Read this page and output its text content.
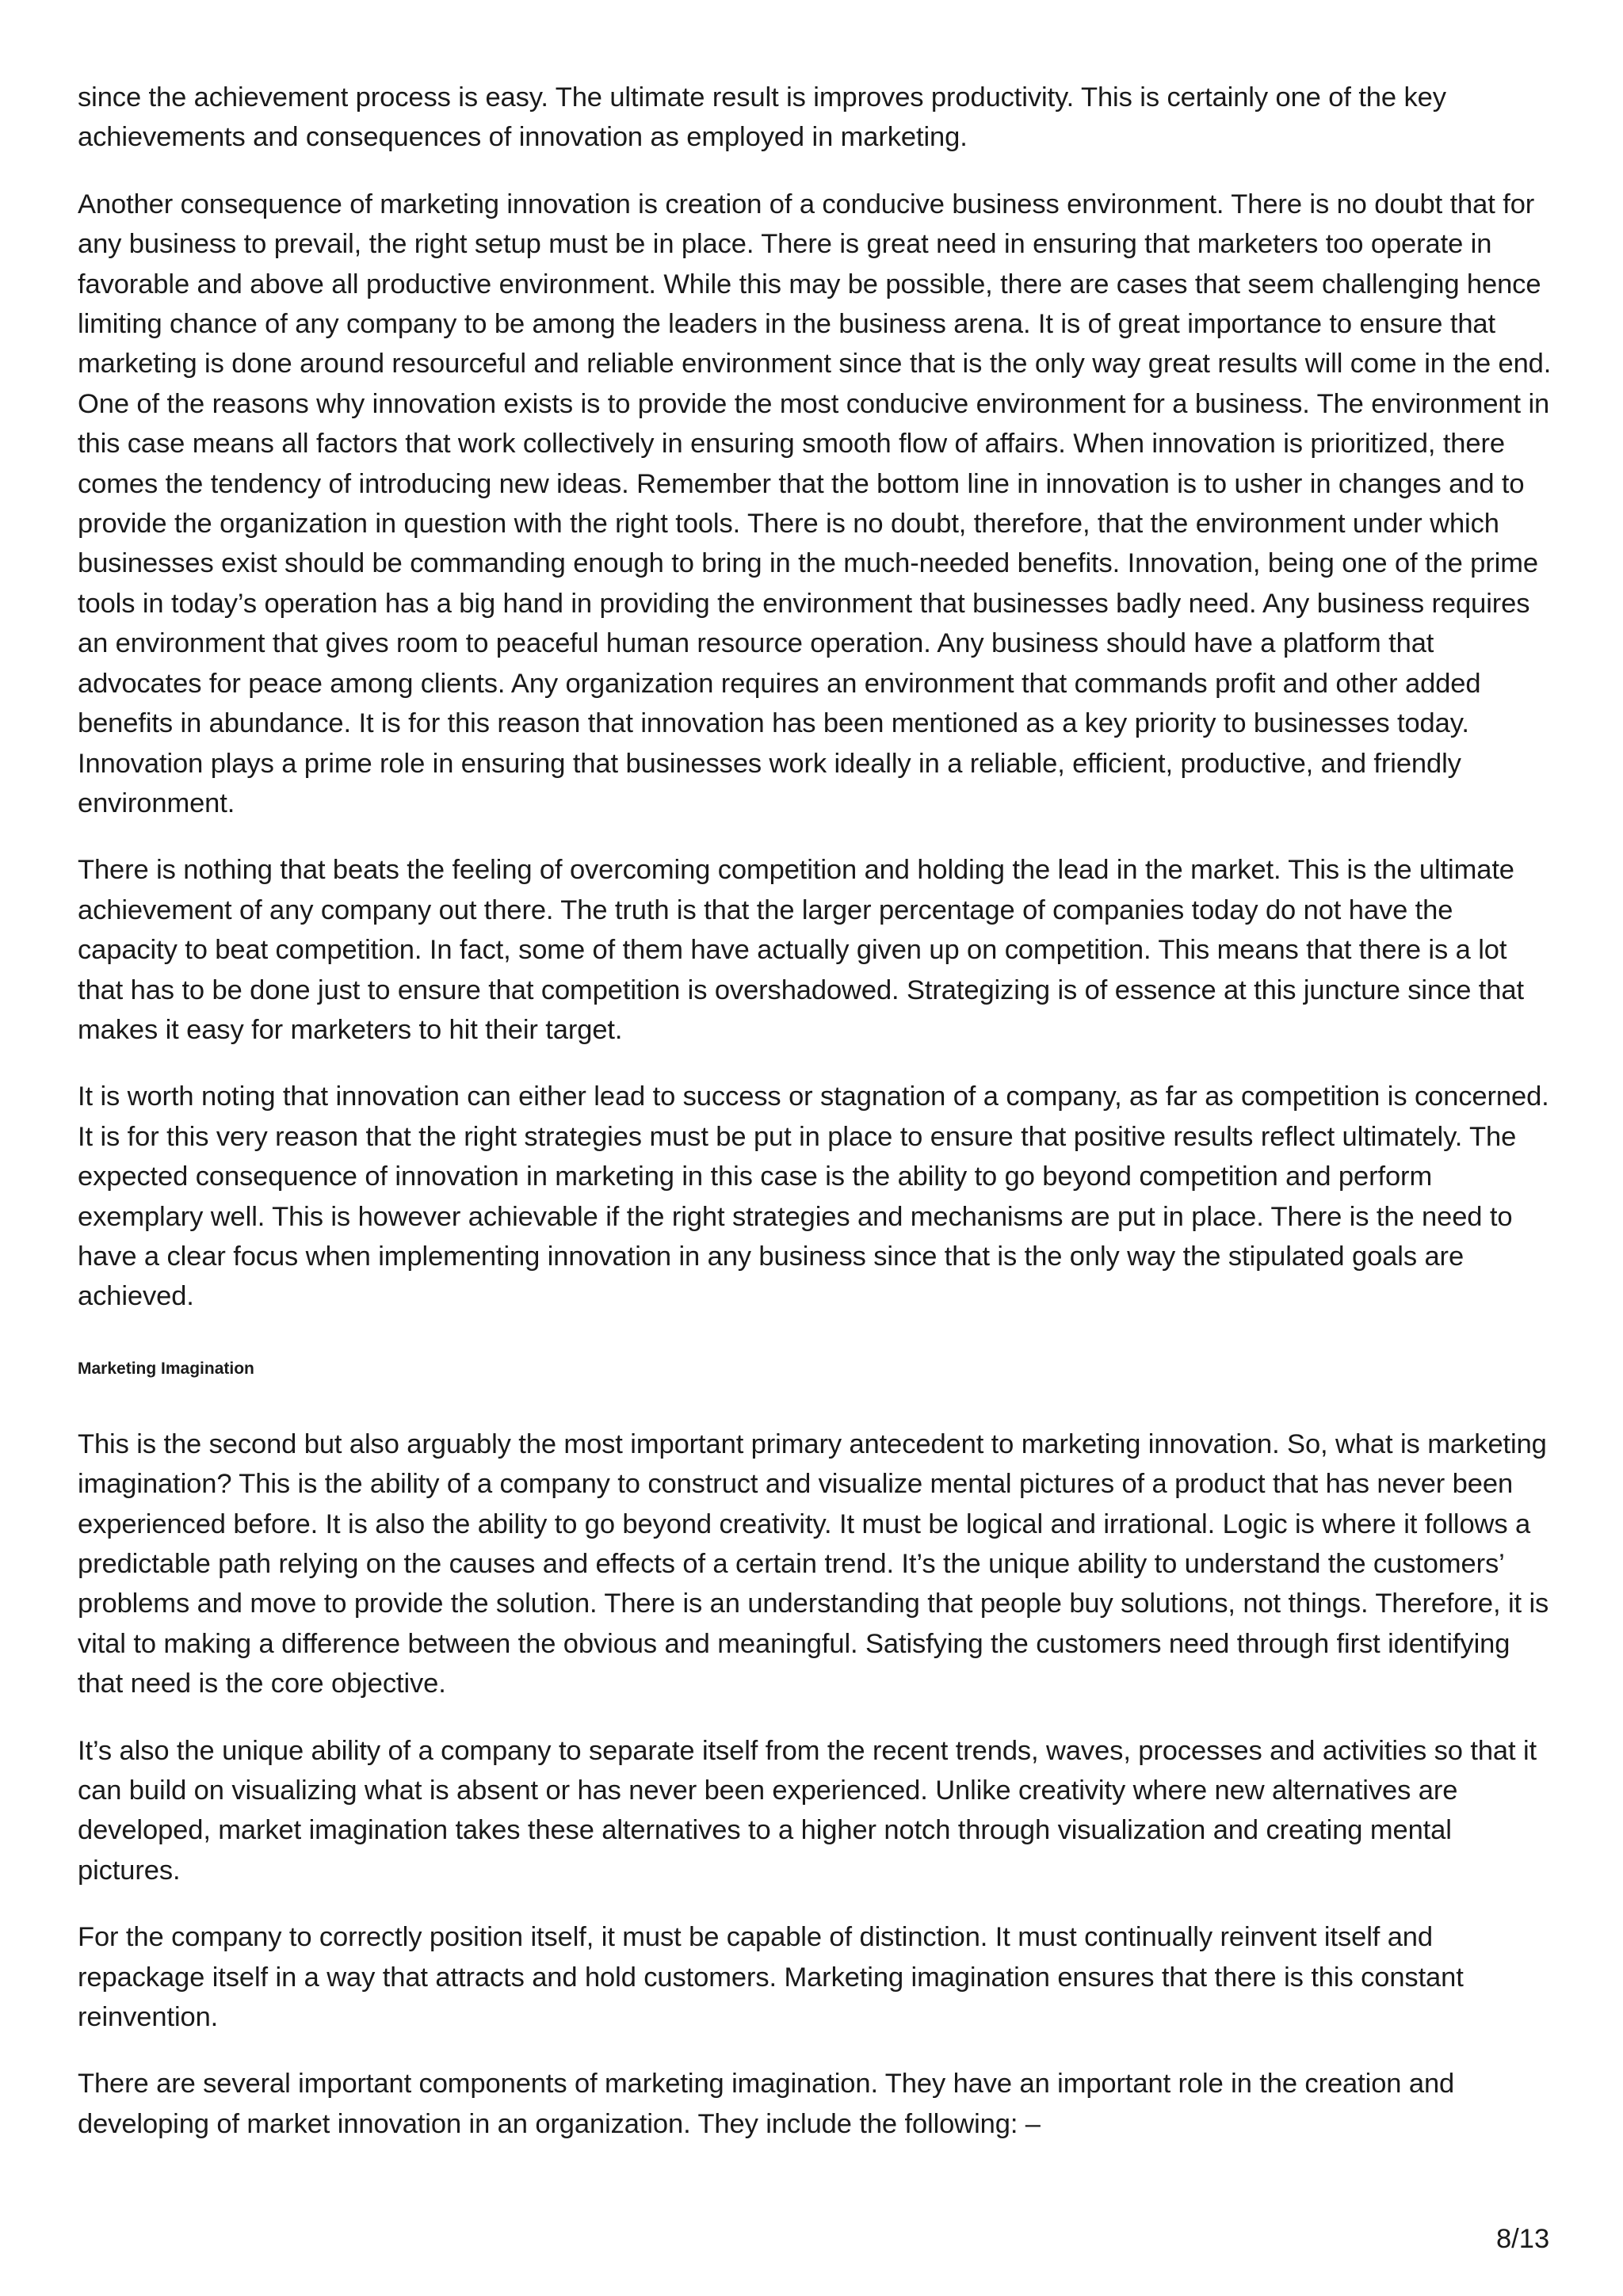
since the achievement process is easy. The ultimate result is improves productivity. This is certainly one of the key achievements and consequences of innovation as employed in marketing.

Another consequence of marketing innovation is creation of a conducive business environment. There is no doubt that for any business to prevail, the right setup must be in place. There is great need in ensuring that marketers too operate in favorable and above all productive environment. While this may be possible, there are cases that seem challenging hence limiting chance of any company to be among the leaders in the business arena. It is of great importance to ensure that marketing is done around resourceful and reliable environment since that is the only way great results will come in the end. One of the reasons why innovation exists is to provide the most conducive environment for a business. The environment in this case means all factors that work collectively in ensuring smooth flow of affairs. When innovation is prioritized, there comes the tendency of introducing new ideas. Remember that the bottom line in innovation is to usher in changes and to provide the organization in question with the right tools. There is no doubt, therefore, that the environment under which businesses exist should be commanding enough to bring in the much-needed benefits. Innovation, being one of the prime tools in today’s operation has a big hand in providing the environment that businesses badly need. Any business requires an environment that gives room to peaceful human resource operation. Any business should have a platform that advocates for peace among clients. Any organization requires an environment that commands profit and other added benefits in abundance. It is for this reason that innovation has been mentioned as a key priority to businesses today. Innovation plays a prime role in ensuring that businesses work ideally in a reliable, efficient, productive, and friendly environment.

There is nothing that beats the feeling of overcoming competition and holding the lead in the market. This is the ultimate achievement of any company out there. The truth is that the larger percentage of companies today do not have the capacity to beat competition. In fact, some of them have actually given up on competition. This means that there is a lot that has to be done just to ensure that competition is overshadowed. Strategizing is of essence at this juncture since that makes it easy for marketers to hit their target.

It is worth noting that innovation can either lead to success or stagnation of a company, as far as competition is concerned. It is for this very reason that the right strategies must be put in place to ensure that positive results reflect ultimately. The expected consequence of innovation in marketing in this case is the ability to go beyond competition and perform exemplary well. This is however achievable if the right strategies and mechanisms are put in place. There is the need to have a clear focus when implementing innovation in any business since that is the only way the stipulated goals are achieved.

Marketing Imagination

This is the second but also arguably the most important primary antecedent to marketing innovation. So, what is marketing imagination? This is the ability of a company to construct and visualize mental pictures of a product that has never been experienced before. It is also the ability to go beyond creativity. It must be logical and irrational. Logic is where it follows a predictable path relying on the causes and effects of a certain trend. It’s the unique ability to understand the customers’ problems and move to provide the solution. There is an understanding that people buy solutions, not things. Therefore, it is vital to making a difference between the obvious and meaningful. Satisfying the customers need through first identifying that need is the core objective.

It’s also the unique ability of a company to separate itself from the recent trends, waves, processes and activities so that it can build on visualizing what is absent or has never been experienced. Unlike creativity where new alternatives are developed, market imagination takes these alternatives to a higher notch through visualization and creating mental pictures.

For the company to correctly position itself, it must be capable of distinction. It must continually reinvent itself and repackage itself in a way that attracts and hold customers. Marketing imagination ensures that there is this constant reinvention.

There are several important components of marketing imagination. They have an important role in the creation and developing of market innovation in an organization. They include the following: –

8/13
